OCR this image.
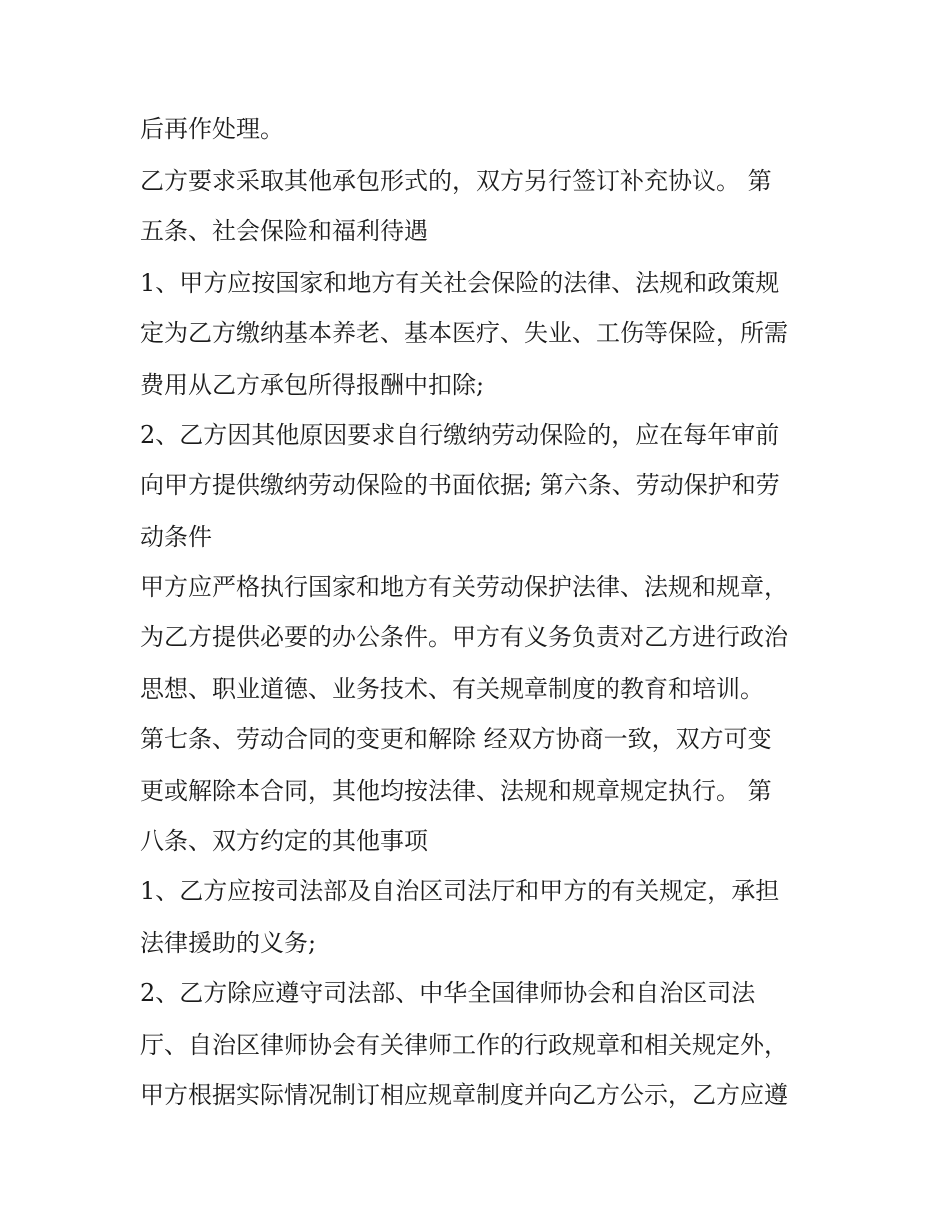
后再作处理。
乙方要求采取其他承包形式的，双方另行签订补充协议。 第
五条、社会保险和福利待遇
1、甲方应按国家和地方有关社会保险的法律、法规和政策规
定为乙方缴纳基本养老、基本医疗、失业、工伤等保险，所需
费用从乙方承包所得报酬中扣除;
2、乙方因其他原因要求自行缴纳劳动保险的，应在每年审前
向甲方提供缴纳劳动保险的书面依据; 第六条、劳动保护和劳
动条件
甲方应严格执行国家和地方有关劳动保护法律、法规和规章，
为乙方提供必要的办公条件。甲方有义务负责对乙方进行政治
思想、职业道德、业务技术、有关规章制度的教育和培训。
第七条、劳动合同的变更和解除 经双方协商一致，双方可变
更或解除本合同，其他均按法律、法规和规章规定执行。 第
八条、双方约定的其他事项
1、乙方应按司法部及自治区司法厅和甲方的有关规定，承担
法律援助的义务;
2、乙方除应遵守司法部、中华全国律师协会和自治区司法
厅、自治区律师协会有关律师工作的行政规章和相关规定外，
甲方根据实际情况制订相应规章制度并向乙方公示，乙方应遵
